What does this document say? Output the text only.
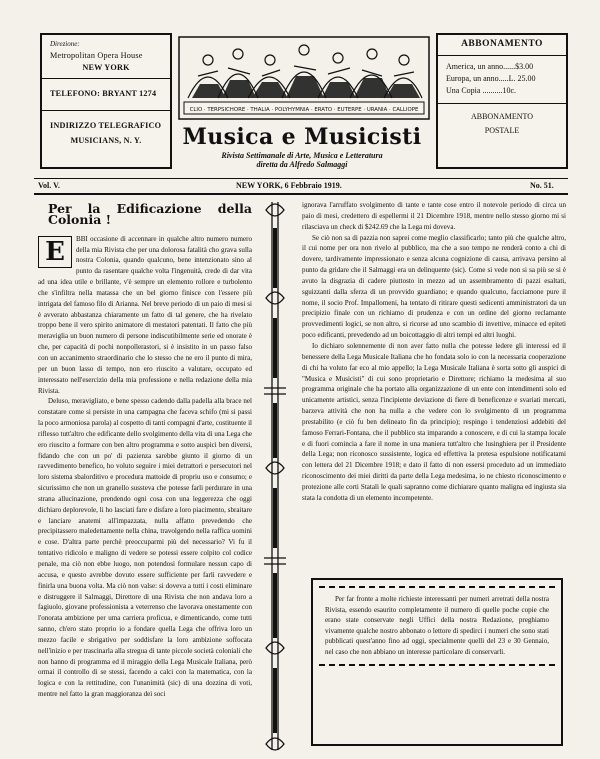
Direzione:
Metropolitan Opera House
NEW YORK
TELEFONO: BRYANT 1274
INDIRIZZO TELEGRAFICO
MUSICIANS, N. Y.
CLIO · TERPSICHORE · THALIA · POLYHYMNIA · ERATO · EUTERPE · URANIA · CALLIOPE
Musica e Musicisti
Rivista Settimanale di Arte, Musica e Letteratura
diretta da Alfredo Salmaggi
ABBONAMENTO
America, un anno......$3.00
Europa, un anno.....L. 25.00
Una Copia ..........10c.
ABBONAMENTO
POSTALE
Vol. V.	NEW YORK, 6 Febbraio 1919.	No. 51.
Per la Edificazione della Colonia !
E	BBI occasione di accennare in qualche altro numero numero della mia Rivista che per una dolorosa fatalità cho grava sulla nostra Colonia, quando qualcuno, bene intenzionato sino al punto da rasentare qualche volta l'ingenuità, crede di dar vita ad una idea utile e brillante, v'è sempre un elemento rollore e turbolento che s'infiltra nella matassa che un bel giorno finisce con l'essere più intrigata del famoso filo di Arianna. Nel breve periodo di un paio di mesi si è avverato abbastanza chiaramente un fatto di tal genere, che ha rivelato troppo bene il vero spirito animatore di mestatori patentati. Il fatto che più meraviglia un buon numero di persone indiscutibilmente serie ed onorate è che, per capacità di pochi nonpollerastori, si è insistito in un passo falso con un accanimento straordinario che lo stesso che ne ero il punto di mira, per un buon lasso di tempo, non ero riuscito a valutare, occupato ed interessato nell'esercizio della mia professione e nella redazione della mia Rivista.

Deluso, meravigliato, e bene spesso cadendo dalla padella alla brace nel constatare come si persiste in una campagna che faceva schifo (mi si passi la poco armoniosa parola) al cospetto di tanti compagni d'arte, costituente il riflesso tutt'altro che edificante dello svolgimento della vita di una Lega che ero riuscito a formare con ben altro programma e sotto auspici ben diversi, fidando che con un po' di pazienza sarebbe giunto il giorno di un ravvedimento benefico, ho voluto seguire i miei detrattori e persecutori nel loro sistema sbalorditivo e procedura mattoide di propriu uso e consumo; e sicurissimo che non un granello sussteva che potesse farli perdurare in una strana allucinazione, prendendo ogni cosa con una leggerezza che oggi dichiaro deplorevole, li ho lasciati fare e disfare a loro piacimento, sbraitare e lanciare anatemi all'impazzata, nulla affatto prevedendo che precipitassero maledettamente nella china, travolgendo nella raffica uomini e cose. D'altra parte perchè preoccuparmi più del necessario? Vi fu il tentativo ridicolo e maligno di vedere se potessi essere colpito col codice penale, ma ciò non ebbe luogo, non potendosi formulare nessun capo di accusa, e questo avrebbe dovuto essere sufficiente per farli ravvedere e finirla una buona volta. Ma ciò non valse: si doveva a tutti i costi eliminare e distruggere il Salmaggi, Direttore di una Rivista che non andava loro a fagiuolo, giovane professionista a veterrenso che lavorava onestamente con l'onorata ambizione per uma carriera proficua, e dimenticando, come tutti sanno, ch'ero stato proprio io a fondare quella Lega che offriva loro un mezzo facile e sbrigativo per soddisfare la loro ambizione soffocata nell'inizio e per trascinarla alla stregua di tante piccole società coloniali che non hanno di programma ed il miraggio della Lega Musicale Italiana, però ormai il controllo di se stessi, facendo a calci con la matematica, con la logica e con la rettitudine, con l'unanimità (sic) di una dozzina di voti, mentre nel fatto la gran maggioranza dei soci

ignorava l'arruffato svolgimento di tante e tante cose entro il notevole periodo di circa un paio di mesi, credettero di espellermi il 21 Dicembre 1918, mentre nello stesso giorno mi si rilasciava un check di $242.69 che la Lega mi doveva.

Se ciò non sa di pazzia non saprei come meglio classificarlo; tanto più che qualche altro, il cui nome per ora non rivelo al pubblico, ma che a suo tempo ne renderà conto a chi di dovere, tardivamente impressionato e senza alcuna cognizione di causa, arrivava persino al punto da gridare che il Salmaggi era un delinquente (sic). Come si vede non si sa più se si è avuto la disgrazia di cadere piuttosto in mezzo ad un assembramento di pazzi esaltati, sguizzanti dalla sferza di un provvido guardiano; e quando qualcuno, facciamone pure il nome, il socio Prof. Impallomeni, ha tentato di ritirare questi sedicenti amministratori da un precipizio finale con un richiamo di prudenza e con un ordine del giorno reclamante provvedimenti logici, se non altro, si ricorse ad uno scambio di invettive, minacce ed epiteti poco edificanti, prevedendo ad un boicottaggio di altri tempi ed altri luoghi.

Io dichiaro solennemente di non aver fatto nulla che potesse ledere gli interessi ed il benessere della Lega Musicale Italiana che ho fondata solo io con la necessaria cooperazione di chi ha voluto far eco al mio appello; la Lega Musicale Italiana è sorta sotto gli auspici di "Musica e Musicisti" di cui sono proprietario e Direttore; richiamo la medesima al suo programma originale che ha portato alla organizzazione di un ente con intendimenti solo ed unicamente artistici, senza l'incipiente deviazione di fiere di beneficenze e svariati mercati, barzeva attività che non ha nulla a che vedere con lo svolgimento di un programma prestabilito (e ciò fu ben delineato fin da principio); respingo i tendenziosi addebiti del famoso Ferrari-Fontana, che il pubblico sta imparando a conoscere, e di cui la stampa locale e di fuori comincia a fare il nome in una maniera tutt'altro che lusinghiera per il Presidente della Lega; non riconosco sussistente, logica ed effettiva la pretesa espulsione notificatami con lettera del 21 Dicembre 1918; e dato il fatto di non essersi proceduto ad un immediato riconoscimento dei miei diritti da parte della Lega medesima, io ne chiesto riconoscimento e protezione alle corti Statali le quali sapranno come dichiarare quanto maligna ed ingiusta sia stata la condotta di un elemento incompetente.

Per far fronte a molte richieste interessanti per numeri arretrati della nostra Rivista, essendo esaurito completamente il numero di quelle poche copie che erano state conservate negli Uffici della nostra Redazione, preghiamo vivamente qualche nostro abbonato o lettore di spedirci i numeri che sono stati pubblicati quest'anno fino ad oggi, specialmente quelli del 23 e 30 Gennaio, nel caso che non abbiano un interesse particolare di conservarli.
